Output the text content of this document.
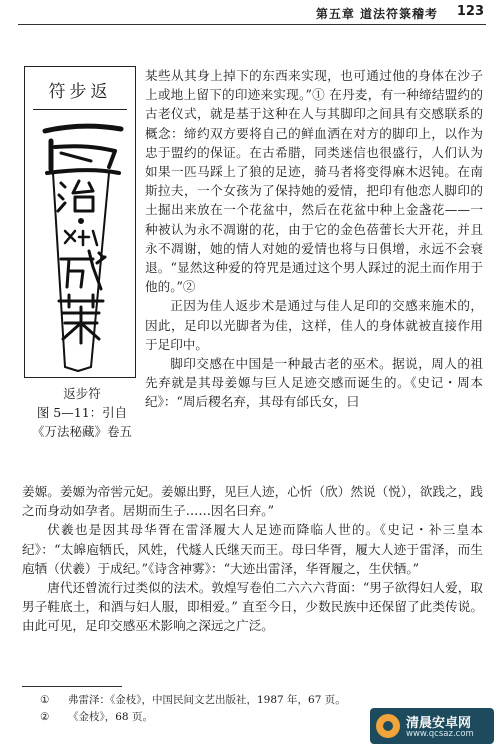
第五章 道法符箓稽考 123
符步返
返步符
图 5—11：引自
《万法秘藏》卷五

某些从其身上掉下的东西来实现，也可通过他的身体在沙子上或地上留下的印迹来实现。”① 在丹麦，有一种缔结盟约的古老仪式，就是基于这种在人与其脚印之间具有交感联系的概念：缔约双方要将自己的鲜血洒在对方的脚印上，以作为忠于盟约的保证。在古希腊，同类迷信也很盛行，人们认为如果一匹马踩上了狼的足迹，骑马者将变得麻木迟钝。在南斯拉夫，一个女孩为了保持她的爱情，把印有他恋人脚印的土掘出来放在一个花盆中，然后在花盆中种上金盏花——一种被认为永不凋谢的花，由于它的金色蓓蕾长大开花，并且永不凋谢，她的情人对她的爱情也将与日俱增，永远不会衰退。“显然这种爱的符咒是通过这个男人踩过的泥土而作用于他的。”②

正因为佳人返步术是通过与佳人足印的交感来施术的，因此，足印以光脚者为佳，这样，佳人的身体就被直接作用于足印中。

脚印交感在中国是一种最古老的巫术。据说，周人的祖先弃就是其母姜嫄与巨人足迹交感而诞生的。《史记・周本纪》：“周后稷名弃，其母有邰氏女，曰

姜嫄。姜嫄为帝喾元妃。姜嫄出野，见巨人迹，心忻（欣）然说（悦），欲践之，践之而身动如孕者。居期而生子……因名曰弃。”

伏羲也是因其母华胥在雷泽履大人足迹而降临人世的。《史记・补三皇本纪》：“太皞庖牺氏，风姓，代燧人氏继天而王。母曰华胥，履大人迹于雷泽，而生庖牺（伏羲）于成纪。”《诗含神雾》：“大迹出雷泽，华胥履之，生伏牺。”

唐代还曾流行过类似的法术。敦煌写卷伯二六六六背面：“男子欲得妇人爱，取男子鞋底土，和酒与妇人服，即相爱。” 直至今日，少数民族中还保留了此类传说。由此可见，足印交感巫术影响之深远之广泛。

① 弗雷泽：《金枝》，中国民间文艺出版社，1987 年，67 页。
② 《金枝》，68 页。	清晨安卓网
www.qcsaz.com
